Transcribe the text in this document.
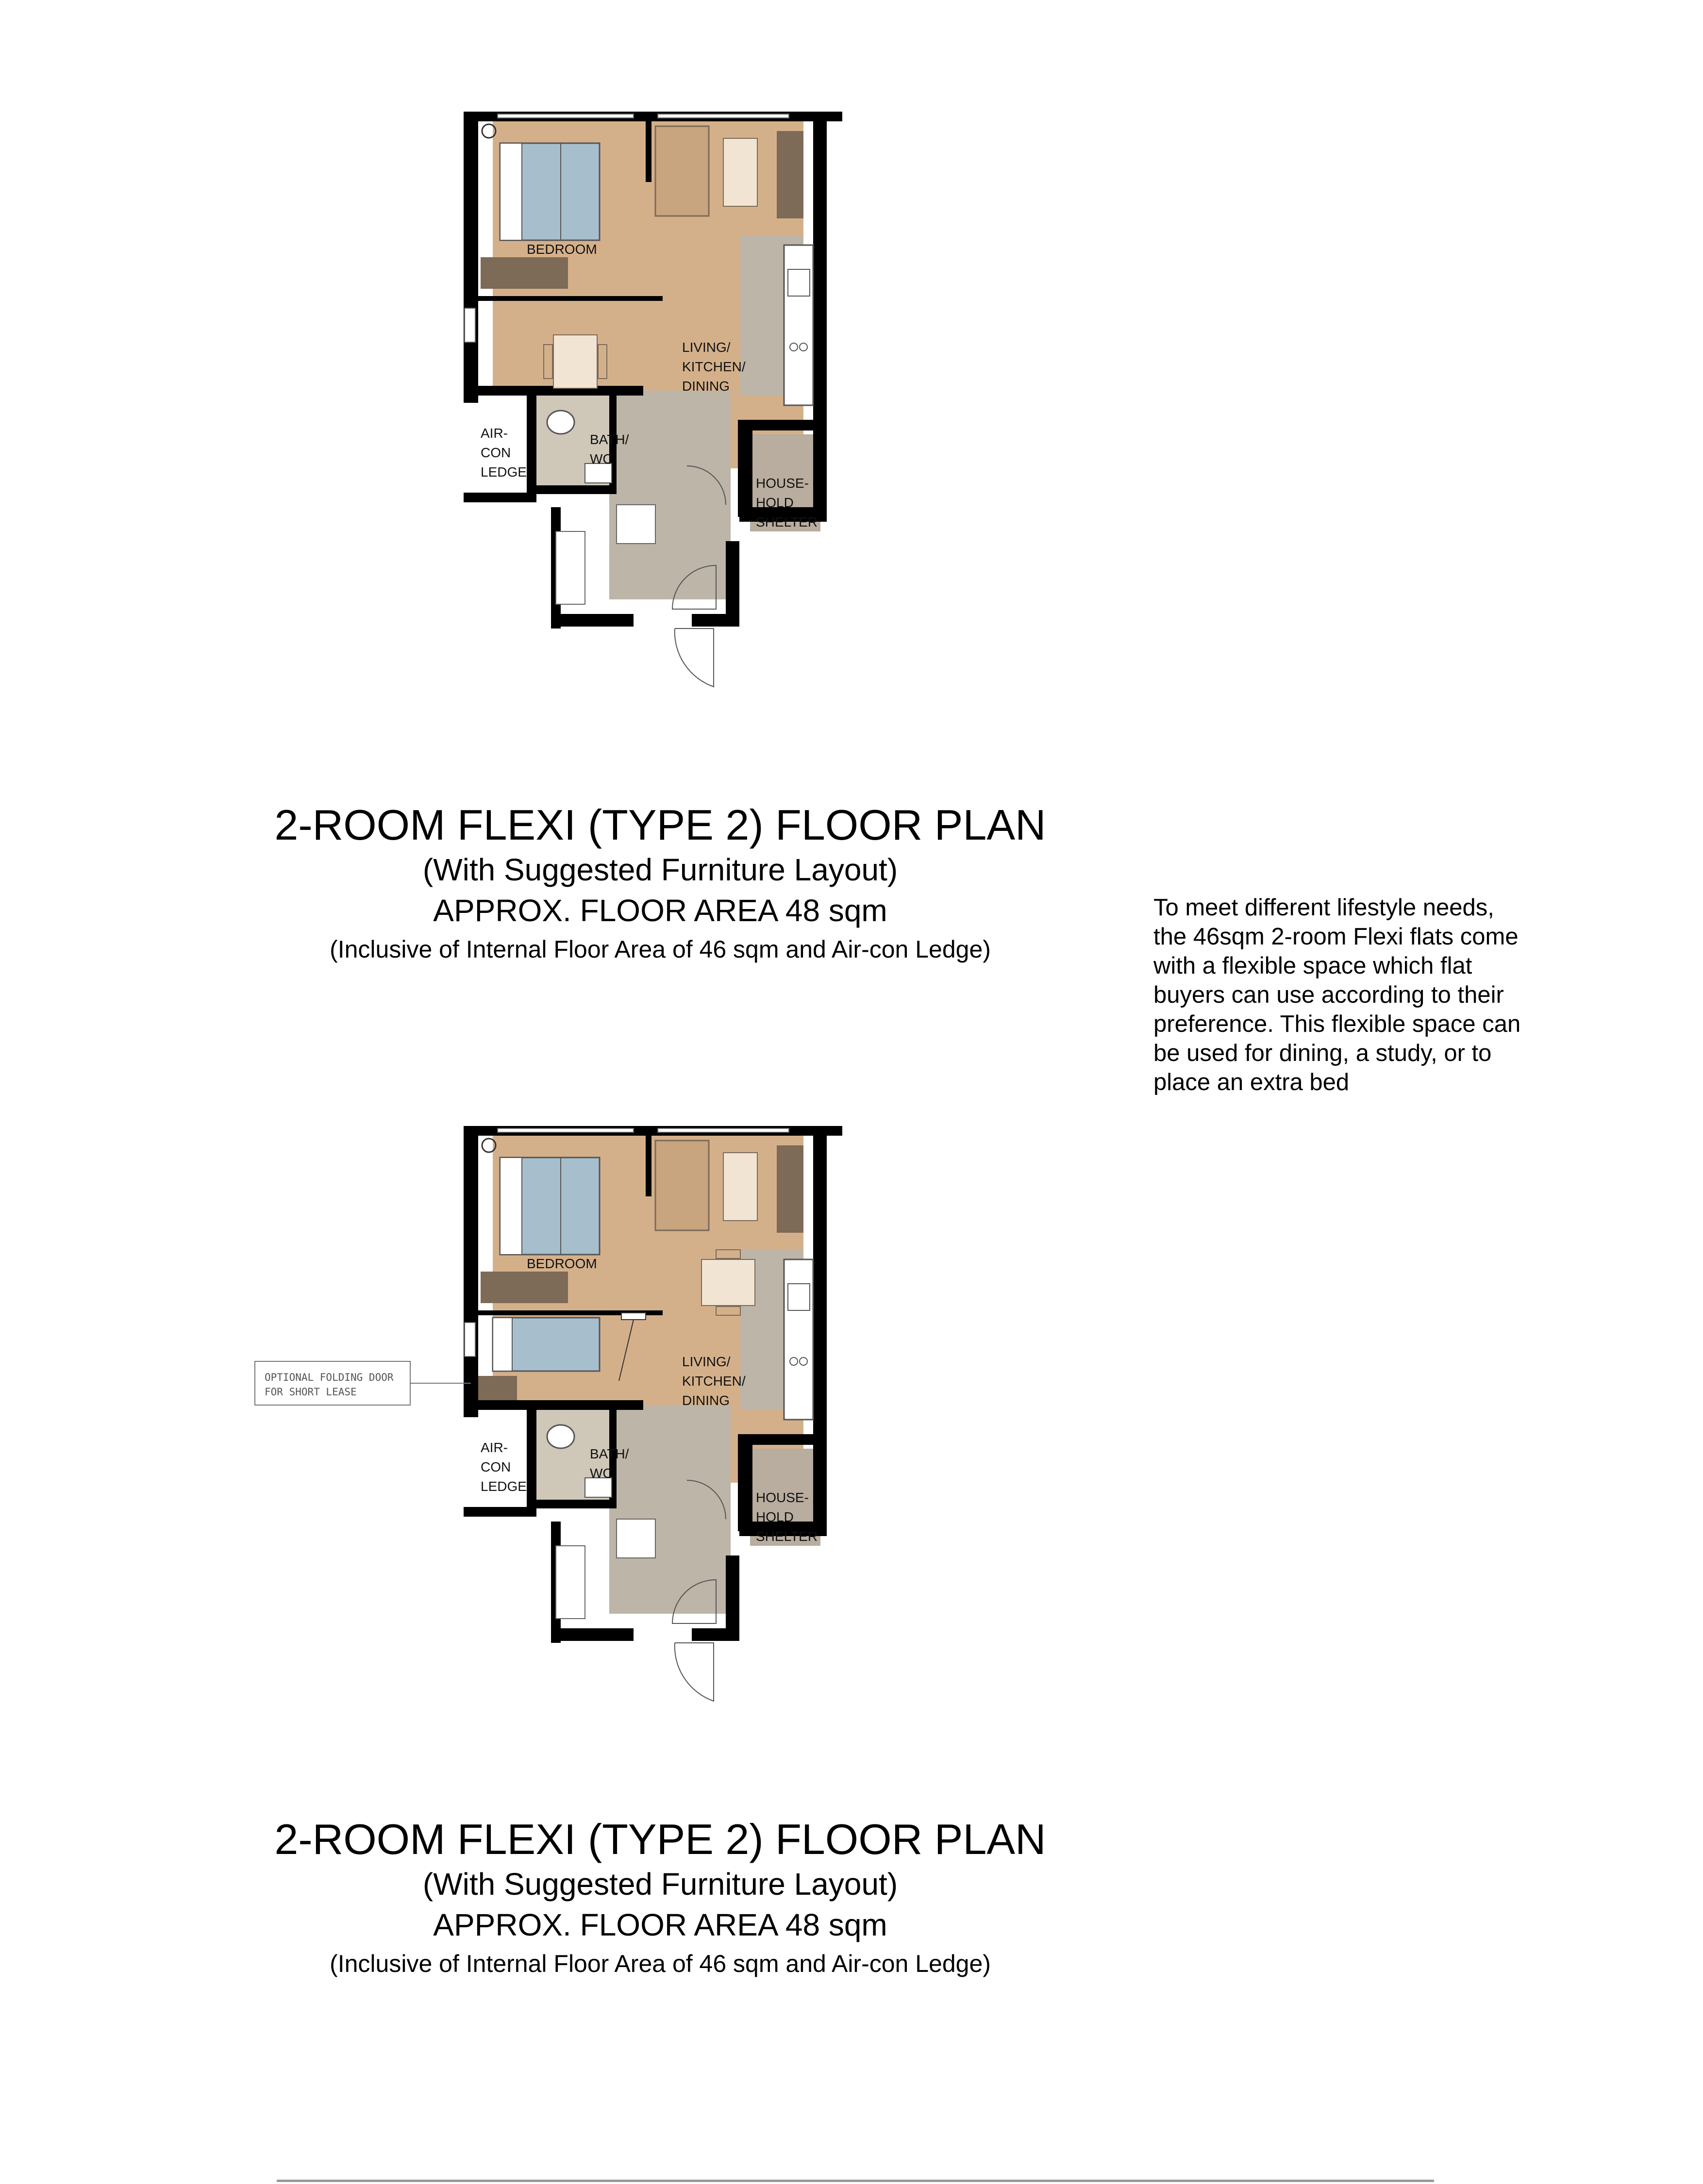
BEDROOM
LIVING/
KITCHEN/
DINING
BATH/
WC
AIR-
CON
LEDGE
HOUSE-
HOLD
SHELTER
2-ROOM FLEXI (TYPE 2) FLOOR PLAN
(With Suggested Furniture Layout)
APPROX. FLOOR AREA 48 sqm
(Inclusive of Internal Floor Area of 46 sqm and Air-con Ledge)
To meet different lifestyle needs, the 46sqm 2-room Flexi flats come with a flexible space which flat buyers can use according to their preference. This flexible space can be used for dining, a study, or to place an extra bed
BEDROOM
LIVING/
KITCHEN/
DINING
BATH/
WC
AIR-
CON
LEDGE
HOUSE-
HOLD
SHELTER
OPTIONAL FOLDING DOOR
FOR SHORT LEASE
2-ROOM FLEXI (TYPE 2) FLOOR PLAN
(With Suggested Furniture Layout)
APPROX. FLOOR AREA 48 sqm
(Inclusive of Internal Floor Area of 46 sqm and Air-con Ledge)
